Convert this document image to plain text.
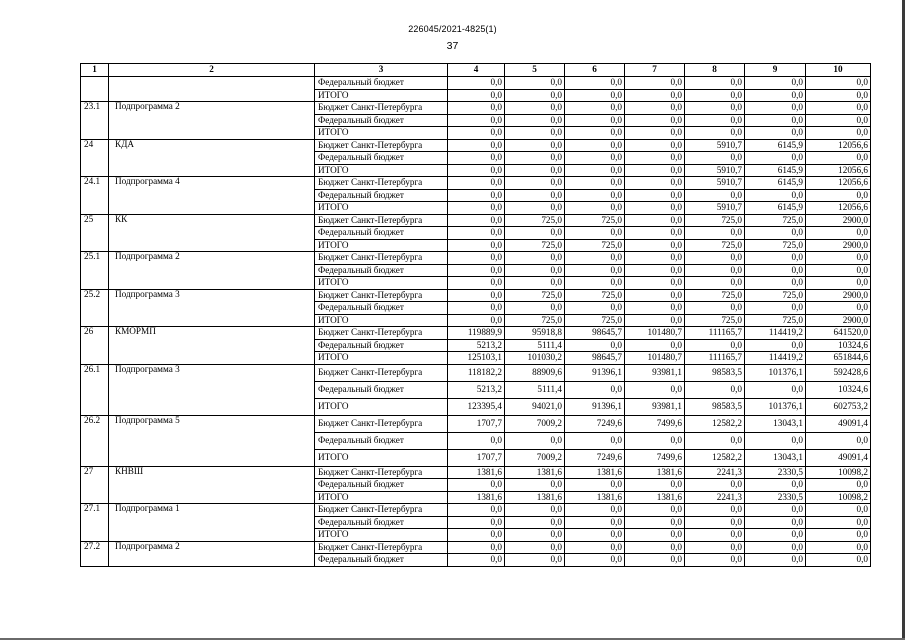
226045/2021-4825(1)
37
1	2	3	4	5	6	7	8	9	10
		Федеральный бюджет	0,0	0,0	0,0	0,0	0,0	0,0	0,0
		ИТОГО	0,0	0,0	0,0	0,0	0,0	0,0	0,0
23.1	Подпрограмма 2	Бюджет Санкт-Петербурга	0,0	0,0	0,0	0,0	0,0	0,0	0,0
		Федеральный бюджет	0,0	0,0	0,0	0,0	0,0	0,0	0,0
		ИТОГО	0,0	0,0	0,0	0,0	0,0	0,0	0,0
24	КДА	Бюджет Санкт-Петербурга	0,0	0,0	0,0	0,0	5910,7	6145,9	12056,6
		Федеральный бюджет	0,0	0,0	0,0	0,0	0,0	0,0	0,0
		ИТОГО	0,0	0,0	0,0	0,0	5910,7	6145,9	12056,6
24.1	Подпрограмма 4	Бюджет Санкт-Петербурга	0,0	0,0	0,0	0,0	5910,7	6145,9	12056,6
		Федеральный бюджет	0,0	0,0	0,0	0,0	0,0	0,0	0,0
		ИТОГО	0,0	0,0	0,0	0,0	5910,7	6145,9	12056,6
25	КК	Бюджет Санкт-Петербурга	0,0	725,0	725,0	0,0	725,0	725,0	2900,0
		Федеральный бюджет	0,0	0,0	0,0	0,0	0,0	0,0	0,0
		ИТОГО	0,0	725,0	725,0	0,0	725,0	725,0	2900,0
25.1	Подпрограмма 2	Бюджет Санкт-Петербурга	0,0	0,0	0,0	0,0	0,0	0,0	0,0
		Федеральный бюджет	0,0	0,0	0,0	0,0	0,0	0,0	0,0
		ИТОГО	0,0	0,0	0,0	0,0	0,0	0,0	0,0
25.2	Подпрограмма 3	Бюджет Санкт-Петербурга	0,0	725,0	725,0	0,0	725,0	725,0	2900,0
		Федеральный бюджет	0,0	0,0	0,0	0,0	0,0	0,0	0,0
		ИТОГО	0,0	725,0	725,0	0,0	725,0	725,0	2900,0
26	КМОРМП	Бюджет Санкт-Петербурга	119889,9	95918,8	98645,7	101480,7	111165,7	114419,2	641520,0
		Федеральный бюджет	5213,2	5111,4	0,0	0,0	0,0	0,0	10324,6
		ИТОГО	125103,1	101030,2	98645,7	101480,7	111165,7	114419,2	651844,6
26.1	Подпрограмма 3	Бюджет Санкт-Петербурга	118182,2	88909,6	91396,1	93981,1	98583,5	101376,1	592428,6
		Федеральный бюджет	5213,2	5111,4	0,0	0,0	0,0	0,0	10324,6
		ИТОГО	123395,4	94021,0	91396,1	93981,1	98583,5	101376,1	602753,2
26.2	Подпрограмма 5	Бюджет Санкт-Петербурга	1707,7	7009,2	7249,6	7499,6	12582,2	13043,1	49091,4
		Федеральный бюджет	0,0	0,0	0,0	0,0	0,0	0,0	0,0
		ИТОГО	1707,7	7009,2	7249,6	7499,6	12582,2	13043,1	49091,4
27	КНВШ	Бюджет Санкт-Петербурга	1381,6	1381,6	1381,6	1381,6	2241,3	2330,5	10098,2
		Федеральный бюджет	0,0	0,0	0,0	0,0	0,0	0,0	0,0
		ИТОГО	1381,6	1381,6	1381,6	1381,6	2241,3	2330,5	10098,2
27.1	Подпрограмма 1	Бюджет Санкт-Петербурга	0,0	0,0	0,0	0,0	0,0	0,0	0,0
		Федеральный бюджет	0,0	0,0	0,0	0,0	0,0	0,0	0,0
		ИТОГО	0,0	0,0	0,0	0,0	0,0	0,0	0,0
27.2	Подпрограмма 2	Бюджет Санкт-Петербурга	0,0	0,0	0,0	0,0	0,0	0,0	0,0
		Федеральный бюджет	0,0	0,0	0,0	0,0	0,0	0,0	0,0
